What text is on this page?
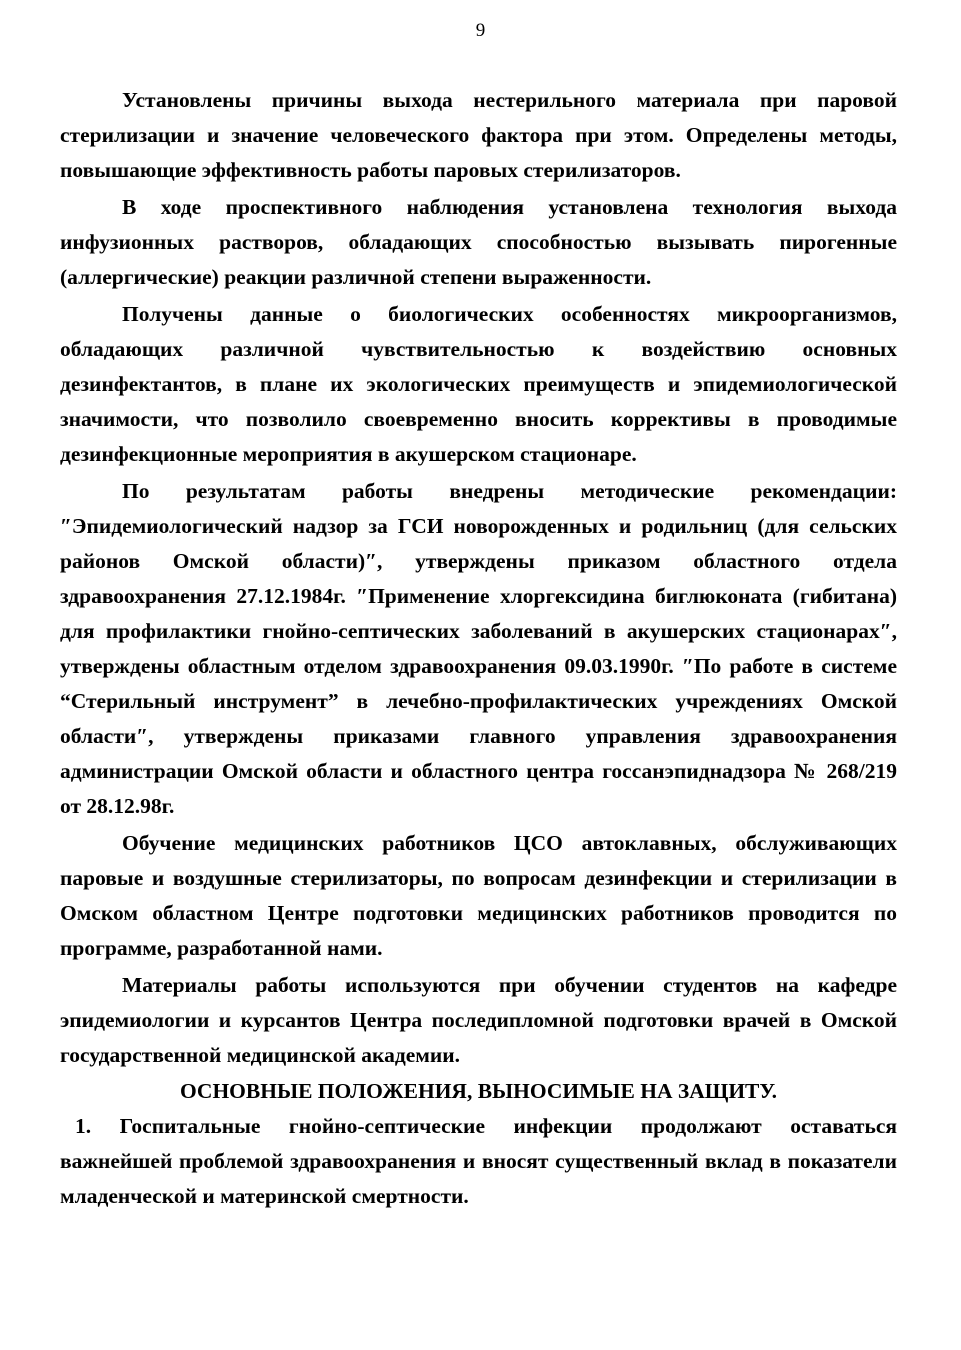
9

Установлены причины выхода нестерильного материала при паровой стерилизации и значение человеческого фактора при этом. Определены методы, повышающие эффективность работы паровых стерилизаторов.

В ходе проспективного наблюдения установлена технология выхода инфузионных растворов, обладающих способностью вызывать пирогенные (аллергические) реакции различной степени выраженности.

Получены данные о биологических особенностях микроорганизмов, обладающих различной чувствительностью к воздействию основных дезинфектантов, в плане их экологических преимуществ и эпидемиологической значимости, что позволило своевременно вносить коррективы в проводимые дезинфекционные мероприятия в акушерском стационаре.

По результатам работы внедрены методические рекомендации: ″Эпидемиологический надзор за ГСИ новорожденных и родильниц (для сельских районов Омской области)″, утверждены приказом областного отдела здравоохранения 27.12.1984г. ″Применение хлоргексидина биглюконата (гибитана) для профилактики гнойно-септических заболеваний в акушерских стационарах″, утверждены областным отделом здравоохранения 09.03.1990г. ″По работе в системе “Стерильный инструмент” в лечебно-профилактических учреждениях Омской области″, утверждены приказами главного управления здравоохранения администрации Омской области и областного центра госсанэпиднадзора № 268/219 от 28.12.98г.

Обучение медицинских работников ЦСО автоклавных, обслуживающих паровые и воздушные стерилизаторы, по вопросам дезинфекции и стерилизации в Омском областном Центре подготовки медицинских работников проводится по программе, разработанной нами.

Материалы работы используются при обучении студентов на кафедре эпидемиологии и курсантов Центра последипломной подготовки врачей в Омской государственной медицинской академии.

ОСНОВНЫЕ ПОЛОЖЕНИЯ, ВЫНОСИМЫЕ НА ЗАЩИТУ.

1. Госпитальные гнойно-септические инфекции продолжают оставаться важнейшей проблемой здравоохранения и вносят существенный вклад в показатели младенческой и материнской смертности.
